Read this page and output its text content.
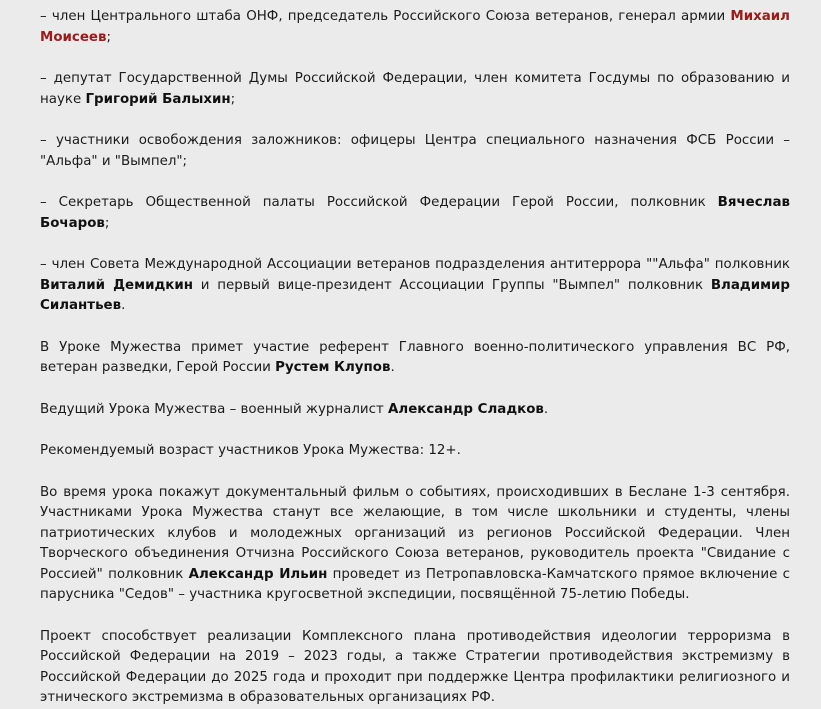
– член Центрального штаба ОНФ, председатель Российского Союза ветеранов, генерал армии Михаил Моисеев;

– депутат Государственной Думы Российской Федерации, член комитета Госдумы по образованию и науке Григорий Балыхин;

– участники освобождения заложников: офицеры Центра специального назначения ФСБ России – "Альфа" и "Вымпел";

– Секретарь Общественной палаты Российской Федерации Герой России, полковник Вячеслав Бочаров;

– член Совета Международной Ассоциации ветеранов подразделения антитеррора ""Альфа" полковник Виталий Демидкин и первый вице-президент Ассоциации Группы "Вымпел" полковник Владимир Силантьев.

В Уроке Мужества примет участие референт Главного военно-политического управления ВС РФ, ветеран разведки, Герой России Рустем Клупов.

Ведущий Урока Мужества – военный журналист Александр Сладков.

Рекомендуемый возраст участников Урока Мужества: 12+.

Во время урока покажут документальный фильм о событиях, происходивших в Беслане 1-3 сентября. Участниками Урока Мужества станут все желающие, в том числе школьники и студенты, члены патриотических клубов и молодежных организаций из регионов Российской Федерации. Член Творческого объединения Отчизна Российского Союза ветеранов, руководитель проекта "Свидание с Россией" полковник Александр Ильин проведет из Петропавловска-Камчатского прямое включение с парусника "Седов" – участника кругосветной экспедиции, посвящённой 75-летию Победы.

Проект способствует реализации Комплексного плана противодействия идеологии терроризма в Российской Федерации на 2019 – 2023 годы, а также Стратегии противодействия экстремизму в Российской Федерации до 2025 года и проходит при поддержке Центра профилактики религиозного и этнического экстремизма в образовательных организациях РФ.
